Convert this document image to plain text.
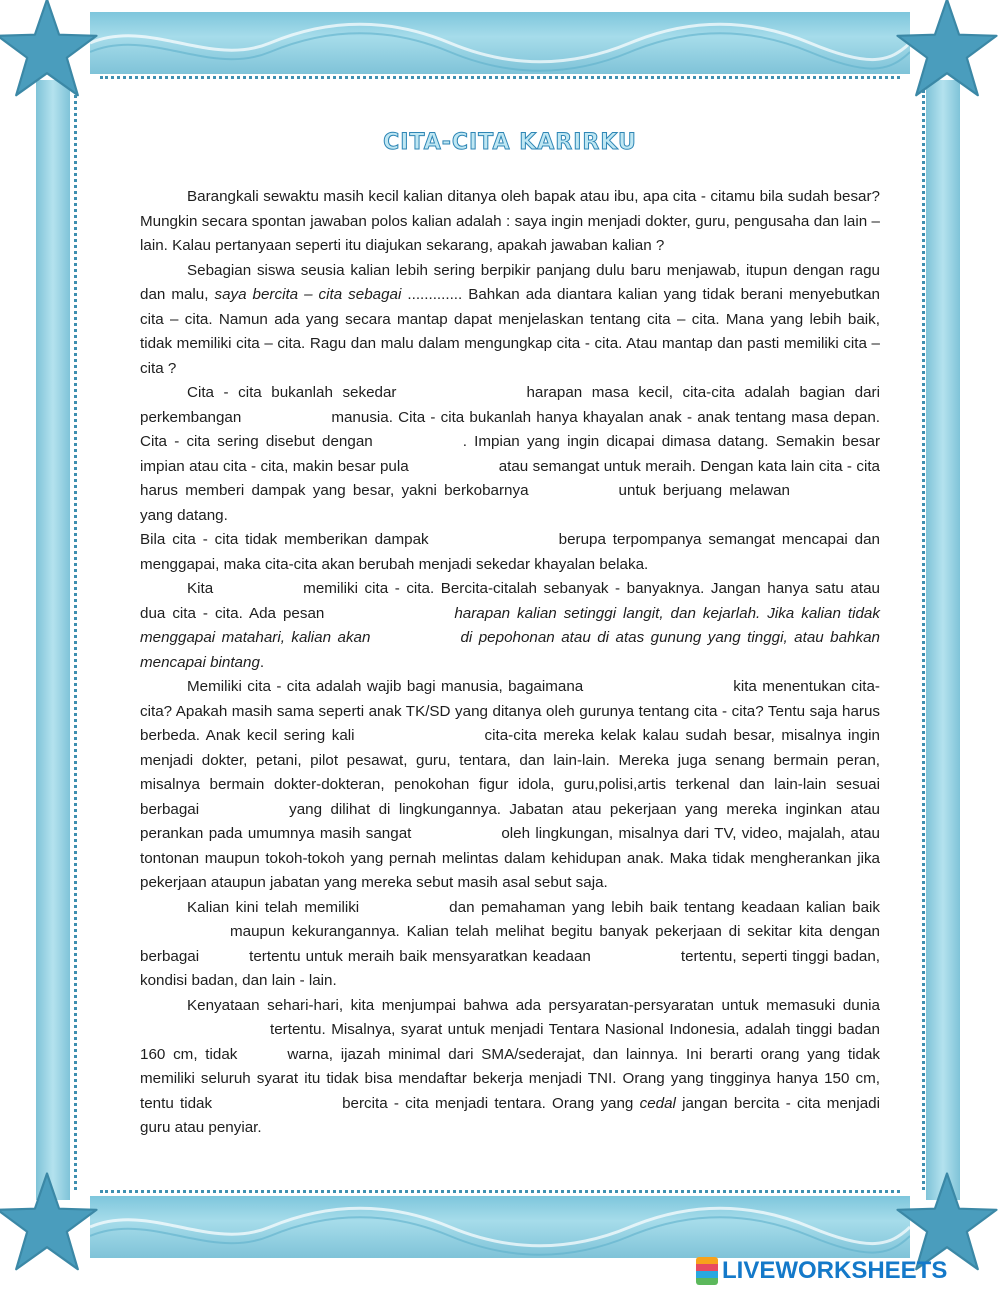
CITA-CITA KARIRKU

Barangkali sewaktu masih kecil kalian ditanya oleh bapak atau ibu, apa cita - citamu bila sudah besar? Mungkin secara spontan jawaban polos kalian adalah : saya ingin menjadi dokter, guru, pengusaha dan lain – lain. Kalau pertanyaan seperti itu diajukan sekarang, apakah jawaban kalian ?

Sebagian siswa seusia kalian lebih sering berpikir panjang dulu baru menjawab, itupun dengan ragu dan malu, saya bercita – cita sebagai ............. Bahkan ada diantara kalian yang tidak berani menyebutkan cita – cita. Namun ada yang secara mantap dapat menjelaskan tentang cita – cita. Mana yang lebih baik, tidak memiliki cita – cita. Ragu dan malu dalam mengungkap cita - cita. Atau mantap dan pasti memiliki cita – cita ?

Cita - cita bukanlah sekedar	harapan masa kecil, cita-cita adalah bagian dari perkembangan	manusia. Cita - cita bukanlah hanya khayalan anak - anak tentang masa depan. Cita - cita sering disebut dengan	. Impian yang ingin dicapai dimasa datang. Semakin besar impian atau cita - cita, makin besar pula	atau semangat untuk meraih. Dengan kata lain cita - cita harus memberi dampak yang besar, yakni berkobarnya	untuk berjuang melawanyang datang.

Bila cita - cita tidak memberikan dampak	berupa terpompanya semangat mencapai dan menggapai, maka cita-cita akan berubah menjadi sekedar khayalan belaka.

Kita	memiliki cita - cita. Bercita-citalah sebanyak - banyaknya. Jangan hanya satu atau dua cita - cita. Ada pesan	harapan kalian setinggi langit, dan kejarlah. Jika kalian tidak menggapai matahari, kalian akan	di pepohonan atau di atas gunung yang tinggi, atau bahkan mencapai bintang.

Memiliki cita - cita adalah wajib bagi manusia, bagaimana	kita menentukan cita-cita? Apakah masih sama seperti anak TK/SD yang ditanya oleh gurunya tentang cita - cita? Tentu saja harus berbeda. Anak kecil sering kali	cita-cita mereka kelak kalau sudah besar, misalnya ingin menjadi dokter, petani, pilot pesawat, guru, tentara, dan lain-lain. Mereka juga senang bermain peran, misalnya bermain dokter-dokteran, penokohan figur idola, guru,polisi,artis terkenal dan lain-lain sesuai berbagai	yang dilihat di lingkungannya. Jabatan atau pekerjaan yang mereka inginkan atau perankan pada umumnya masih sangat	oleh lingkungan, misalnya dari TV, video, majalah, atau tontonan maupun tokoh-tokoh yang pernah melintas dalam kehidupan anak. Maka tidak mengherankan jika pekerjaan ataupun jabatan yang mereka sebut masih asal sebut saja.

Kalian kini telah memiliki	dan pemahaman yang lebih baik tentang keadaan kalian baikmaupun kekurangannya. Kalian telah melihat begitu banyak pekerjaan di sekitar kita dengan berbagai	tertentu untuk meraih baik mensyaratkan keadaan	tertentu, seperti tinggi badan, kondisi badan, dan lain - lain.

Kenyataan sehari-hari, kita menjumpai bahwa ada persyaratan-persyaratan untuk memasuki duniatertentu. Misalnya, syarat untuk menjadi Tentara Nasional Indonesia, adalah tinggi badan 160 cm, tidak	warna, ijazah minimal dari SMA/sederajat, dan lainnya. Ini berarti orang yang tidak memiliki seluruh syarat itu tidak bisa mendaftar bekerja menjadi TNI. Orang yang tingginya hanya 150 cm, tentu tidak	bercita - cita menjadi tentara. Orang yang cedal jangan bercita - cita menjadi guru atau penyiar.

LIVEWORKSHEETS
